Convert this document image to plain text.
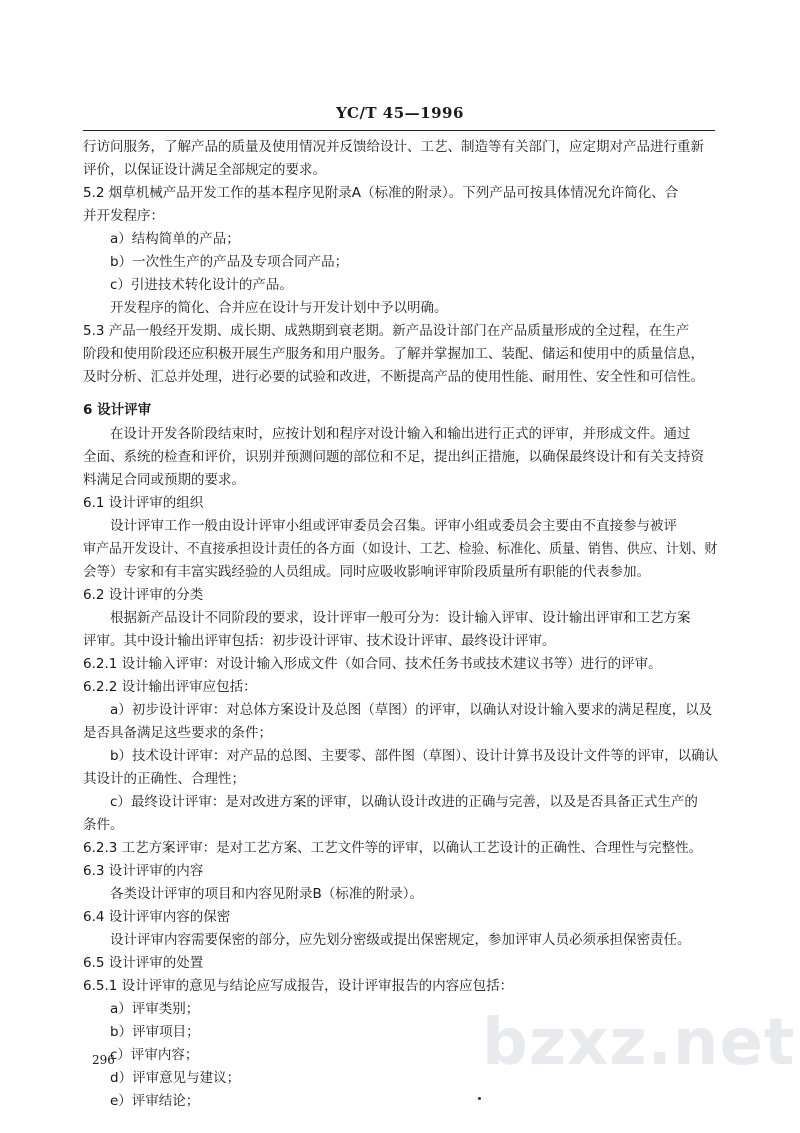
YC/T 45—1996
行访问服务，了解产品的质量及使用情况并反馈给设计、工艺、制造等有关部门，应定期对产品进行重新
评价，以保证设计满足全部规定的要求。
5.2 烟草机械产品开发工作的基本程序见附录A（标准的附录）。下列产品可按具体情况允许简化、合
并开发程序：
a）结构简单的产品；
b）一次性生产的产品及专项合同产品；
c）引进技术转化设计的产品。
开发程序的简化、合并应在设计与开发计划中予以明确。
5.3 产品一般经开发期、成长期、成熟期到衰老期。新产品设计部门在产品质量形成的全过程，在生产
阶段和使用阶段还应积极开展生产服务和用户服务。了解并掌握加工、装配、储运和使用中的质量信息，
及时分析、汇总并处理，进行必要的试验和改进，不断提高产品的使用性能、耐用性、安全性和可信性。
6 设计评审
在设计开发各阶段结束时，应按计划和程序对设计输入和输出进行正式的评审，并形成文件。通过
全面、系统的检查和评价，识别并预测问题的部位和不足，提出纠正措施，以确保最终设计和有关支持资
料满足合同或预期的要求。
6.1 设计评审的组织
设计评审工作一般由设计评审小组或评审委员会召集。评审小组或委员会主要由不直接参与被评
审产品开发设计、不直接承担设计责任的各方面（如设计、工艺、检验、标准化、质量、销售、供应、计划、财
会等）专家和有丰富实践经验的人员组成。同时应吸收影响评审阶段质量所有职能的代表参加。
6.2 设计评审的分类
根据新产品设计不同阶段的要求，设计评审一般可分为：设计输入评审、设计输出评审和工艺方案
评审。其中设计输出评审包括：初步设计评审、技术设计评审、最终设计评审。
6.2.1 设计输入评审：对设计输入形成文件（如合同、技术任务书或技术建议书等）进行的评审。
6.2.2 设计输出评审应包括：
a）初步设计评审：对总体方案设计及总图（草图）的评审，以确认对设计输入要求的满足程度，以及
是否具备满足这些要求的条件；
b）技术设计评审：对产品的总图、主要零、部件图（草图）、设计计算书及设计文件等的评审，以确认
其设计的正确性、合理性；
c）最终设计评审：是对改进方案的评审，以确认设计改进的正确与完善，以及是否具备正式生产的
条件。
6.2.3 工艺方案评审：是对工艺方案、工艺文件等的评审，以确认工艺设计的正确性、合理性与完整性。
6.3 设计评审的内容
各类设计评审的项目和内容见附录B（标准的附录）。
6.4 设计评审内容的保密
设计评审内容需要保密的部分，应先划分密级或提出保密规定，参加评审人员必须承担保密责任。
6.5 设计评审的处置
6.5.1 设计评审的意见与结论应写成报告，设计评审报告的内容应包括：
a）评审类别；
b）评审项目；
c）评审内容；
d）评审意见与建议；
e）评审结论；
bzxz.net
296
